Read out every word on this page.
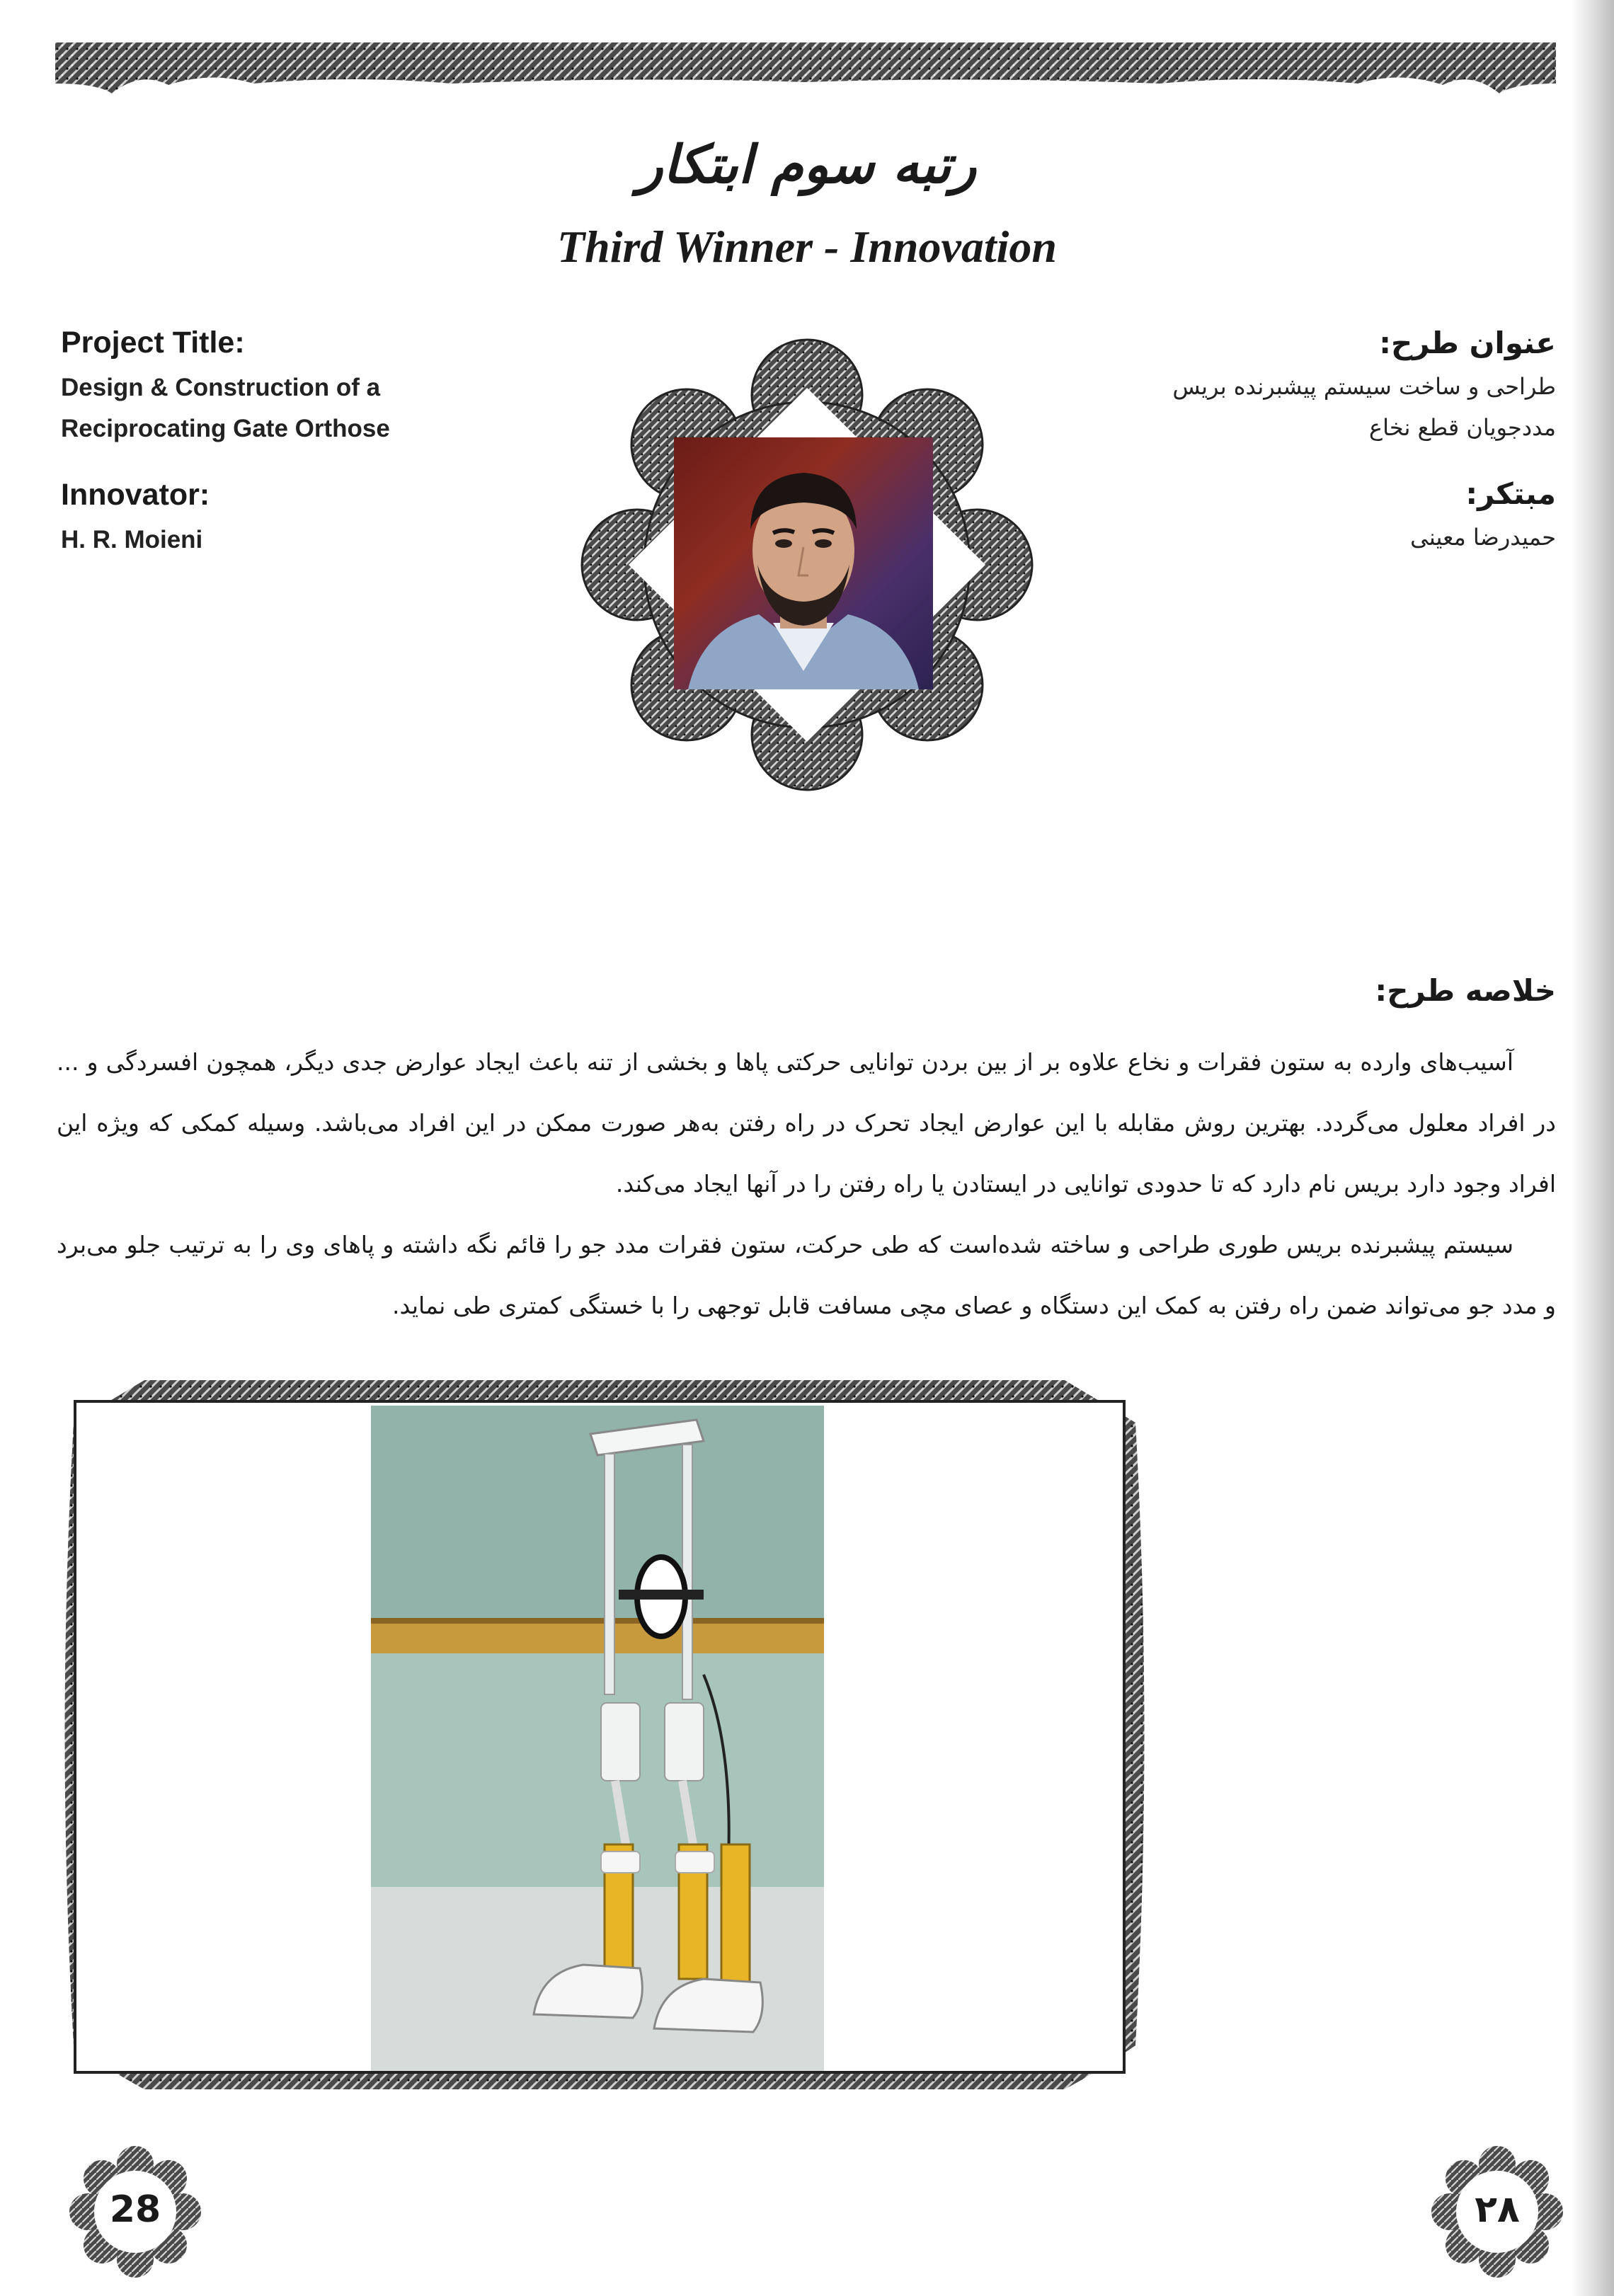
رتبه سوم ابتکار
Third Winner - Innovation
Project Title:
Design & Construction of a
Reciprocating Gate Orthose
Innovator:
H. R. Moieni
عنوان طرح:
طراحی و ساخت سیستم پیشبرنده بریس
مددجویان قطع نخاع
مبتکر:
حمیدرضا معینی
خلاصه طرح:

آسیب‌های وارده به ستون فقرات و نخاع علاوه بر از بین بردن توانایی حرکتی پاها و بخشی از تنه باعث ایجاد عوارض جدی دیگر، همچون افسردگی و ... در افراد معلول می‌گردد. بهترین روش مقابله با این عوارض ایجاد تحرک در راه رفتن به‌هر صورت ممکن در این افراد می‌باشد. وسیله کمکی که ویژه این افراد وجود دارد بریس نام دارد که تا حدودی توانایی در ایستادن یا راه رفتن را در آنها ایجاد می‌کند.

سیستم پیشبرنده بریس طوری طراحی و ساخته شده‌است که طی حرکت، ستون فقرات مدد جو را قائم نگه داشته و پاهای وی را به ترتیب جلو می‌برد و مدد جو می‌تواند ضمن راه رفتن به کمک این دستگاه و عصای مچی مسافت قابل توجهی را با خستگی کمتری طی نماید.

28	۲۸
